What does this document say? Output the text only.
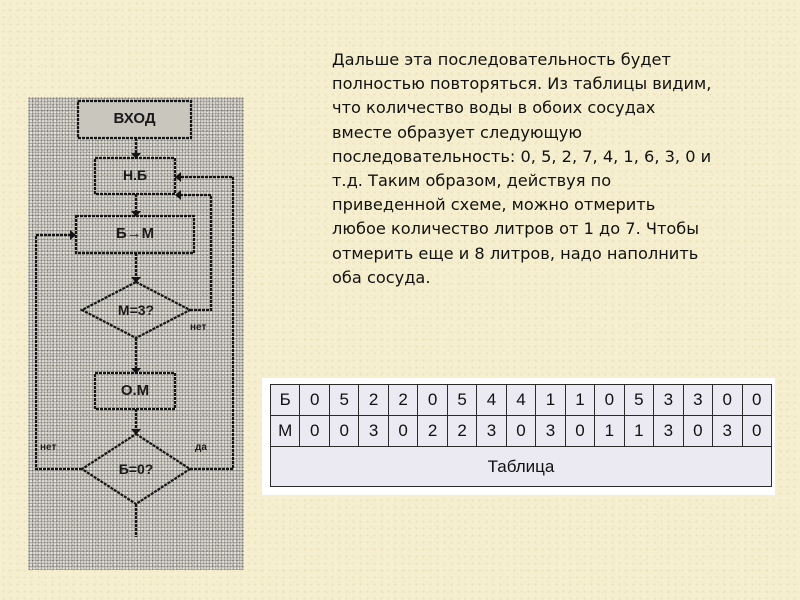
ВХОД
Н.Б
Б→М
М=3?
нет
О.М
Б=0?
нет	да
Дальше эта последовательность будет полностью повторяться. Из таблицы видим, что количество воды в обоих сосудах вместе образует следующую последовательность: 0, 5, 2, 7, 4, 1, 6, 3, 0 и т.д. Таким образом, действуя по приведенной схеме, можно отмерить любое количество литров от 1 до 7. Чтобы отмерить еще и 8 литров, надо наполнить оба сосуда.
Б	0	5	2	2	0	5	4	4	1	1	0	5	3	3	0	0
М	0	0	3	0	2	2	3	0	3	0	1	1	3	0	3	0
Таблица																
